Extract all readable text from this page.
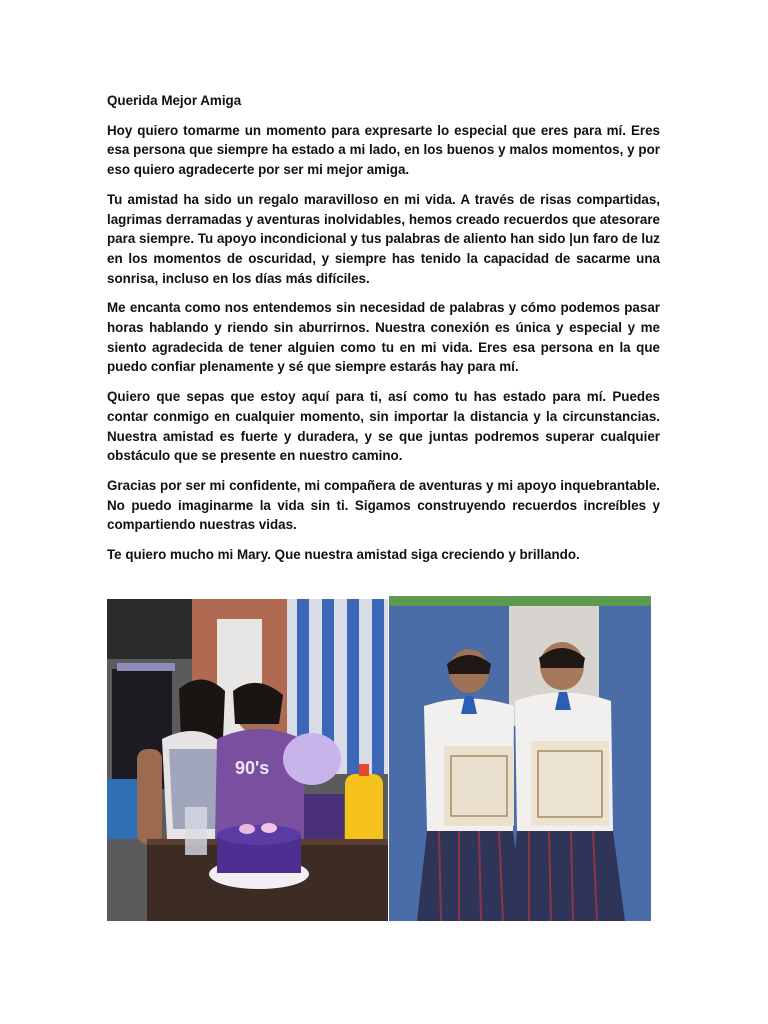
Querida Mejor Amiga

Hoy quiero tomarme un momento para expresarte lo especial que eres para mí. Eres esa persona que siempre ha estado a mi lado, en los buenos y malos momentos, y por eso quiero agradecerte por ser mi mejor amiga.

Tu amistad ha sido un regalo maravilloso en mi vida. A través de risas compartidas, lagrimas derramadas y aventuras inolvidables, hemos creado recuerdos que atesorare para siempre. Tu apoyo incondicional y tus palabras de aliento han sido |un faro de luz en los momentos de oscuridad, y siempre has tenido la capacidad de sacarme una sonrisa, incluso en los días más difíciles.

Me encanta como nos entendemos sin necesidad de palabras y cómo podemos pasar horas hablando y riendo sin aburrirnos. Nuestra conexión es única y especial y me siento agradecida de tener alguien como tu en mi vida. Eres esa persona en la que puedo confiar plenamente y sé que siempre estarás hay para mí.

Quiero que sepas que estoy aquí para ti, así como tu has estado para mí. Puedes contar conmigo en cualquier momento, sin importar la distancia y la circunstancias. Nuestra amistad es fuerte y duradera, y se que juntas podremos superar cualquier obstáculo que se presente en nuestro camino.

Gracias por ser mi confidente, mi compañera de aventuras y mi apoyo inquebrantable. No puedo imaginarme la vida sin ti. Sigamos construyendo recuerdos increíbles y compartiendo nuestras vidas.

Te quiero mucho mi Mary. Que nuestra amistad siga creciendo y brillando.

90's
